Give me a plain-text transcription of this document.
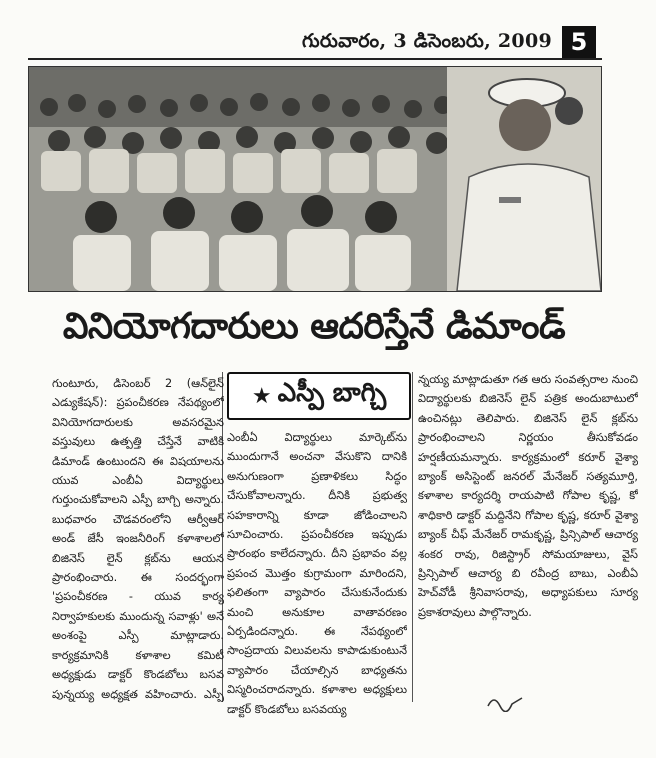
గురువారం, 3 డిసెంబరు, 2009 5
వినియోగదారులు ఆదరిస్తేనే డిమాండ్
గుంటూరు, డిసెంబర్ 2 (ఆన్‌లైన్ ఎడ్యుకేషన్): ప్రపంచీకరణ నేపథ్యంలో వినియోగదారులకు అవసరమైన వస్తువులు ఉత్పత్తి చేస్తేనే వాటికి డిమాండ్ ఉంటుందని ఈ విషయాలను యువ ఎంబీఏ విద్యార్థులు గుర్తుంచుకోవాలని ఎస్పీ బాగ్చి అన్నారు. బుధవారం చౌడవరంలోని ఆర్వీఆర్ అండ్ జేసీ ఇంజనీరింగ్ కళాశాలలో బిజినెస్ లైన్ క్లబ్‌ను ఆయన ప్రారంభించారు. ఈ సందర్భంగా 'ప్రపంచీకరణ - యువ కార్య నిర్వాహకులకు ముందున్న సవాళ్లు' అనే అంశంపై ఎస్పీ మాట్లాడారు. కార్యక్రమానికి కళాశాల కమిటీ అధ్యక్షుడు డాక్టర్ కొండబోలు బసవ పున్నయ్య అధ్యక్షత వహించారు. ఎస్పీ
★ ఎస్పీ బాగ్చి
ఎంబీఏ విద్యార్థులు మార్కెట్‌ను ముందుగానే అంచనా వేసుకొని దానికి అనుగుణంగా ప్రణాళికలు సిద్ధం చేసుకోవాలన్నారు. దీనికి ప్రభుత్వ సహకారాన్ని కూడా జోడించాలని సూచించారు. ప్రపంచీకరణ ఇప్పుడు ప్రారంభం కాలేదన్నారు. దీని ప్రభావం వల్ల ప్రపంచ మొత్తం కుగ్రామంగా మారిందని, ఫలితంగా వ్యాపారం చేసుకునేందుకు మంచి అనుకూల వాతావరణం ఏర్పడిందన్నారు. ఈ నేపథ్యంలో సాంప్రదాయ విలువలను కాపాడుకుంటునే వ్యాపారం చేయాల్సిన బాధ్యతను విస్మరించరాదన్నారు. కళాశాల అధ్యక్షులు డాక్టర్ కొండబోలు బసవయ్య
న్నయ్య మాట్లాడుతూ గత ఆరు సంవత్సరాల నుంచి విద్యార్థులకు బిజినెస్ లైన్ పత్రిక అందుబాటులో ఉంచినట్లు తెలిపారు. బిజినెస్ లైన్ క్లబ్‌ను ప్రారంభించాలని నిర్ణయం తీసుకోవడం హర్షణీయమన్నారు. కార్యక్రమంలో కరూర్ వైశ్యా బ్యాంక్ అసిస్టెంట్ జనరల్ మేనేజర్ సత్యమూర్తి, కళాశాల కార్యదర్శి రాయపాటి గోపాల కృష్ణ, కో శాధికారి డాక్టర్ మద్దినేని గోపాల కృష్ణ, కరూర్ వైశ్యా బ్యాంక్ చీఫ్ మేనేజర్ రామకృష్ణ, ప్రిన్సిపాల్ ఆచార్య శంకర రావు, రిజిస్ట్రార్ సోమయాజులు, వైస్ ప్రిన్సిపాల్ ఆచార్య బి రవీంద్ర బాబు, ఎంబీఏ హెచ్‌వోడీ శ్రీనివాసరావు, అధ్యాపకులు సూర్య ప్రకాశరావులు పాల్గొన్నారు.
